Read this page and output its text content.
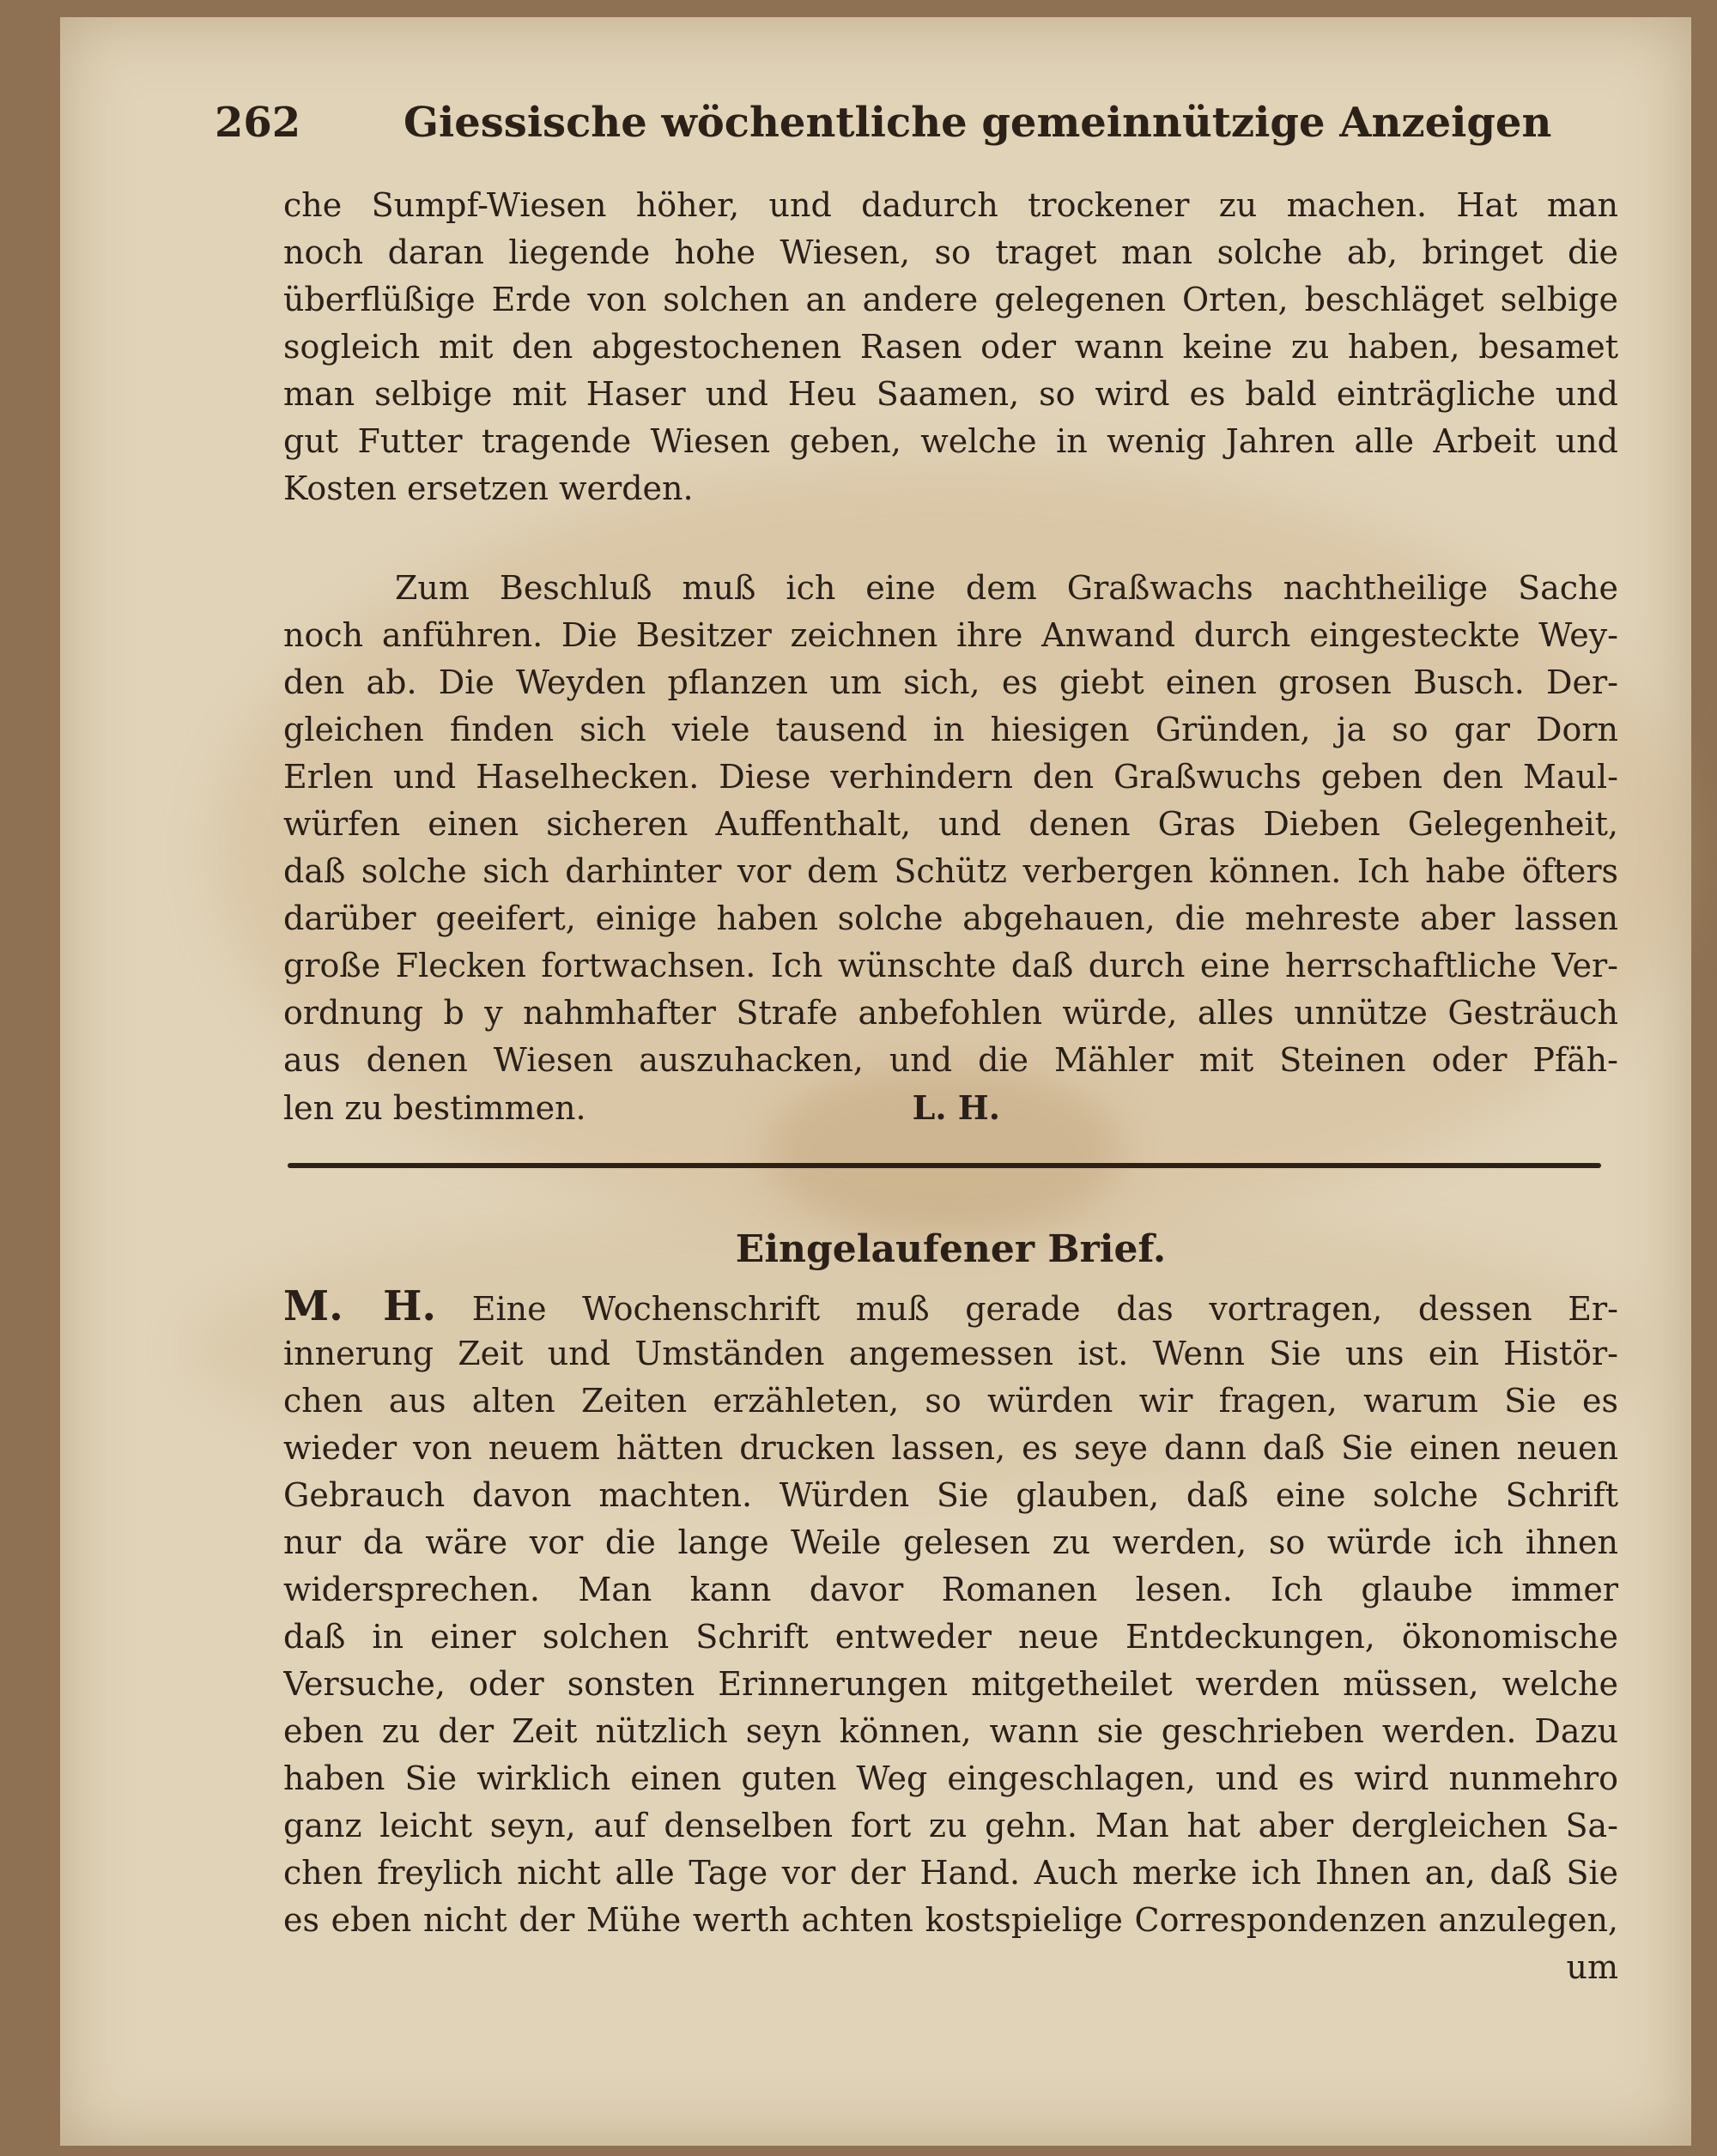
262 Giessische wöchentliche gemeinnützige Anzeigen
che Sumpf-Wiesen höher, und dadurch trockener zu machen. Hat man
noch daran liegende hohe Wiesen, so traget man solche ab, bringet die
überflüßige Erde von solchen an andere gelegenen Orten, beschläget selbige
sogleich mit den abgestochenen Rasen oder wann keine zu haben, besamet
man selbige mit Haser und Heu Saamen, so wird es bald einträgliche und
gut Futter tragende Wiesen geben, welche in wenig Jahren alle Arbeit und
Kosten ersetzen werden.
Zum Beschluß muß ich eine dem Graßwachs nachtheilige Sache
noch anführen. Die Besitzer zeichnen ihre Anwand durch eingesteckte Wey-
den ab. Die Weyden pflanzen um sich, es giebt einen grosen Busch. Der-
gleichen finden sich viele tausend in hiesigen Gründen, ja so gar Dorn
Erlen und Haselhecken. Diese verhindern den Graßwuchs geben den Maul-
würfen einen sicheren Auffenthalt, und denen Gras Dieben Gelegenheit,
daß solche sich darhinter vor dem Schütz verbergen können. Ich habe öfters
darüber geeifert, einige haben solche abgehauen, die mehreste aber lassen
große Flecken fortwachsen. Ich wünschte daß durch eine herrschaftliche Ver-
ordnung b y nahmhafter Strafe anbefohlen würde, alles unnütze Gesträuch
aus denen Wiesen auszuhacken, und die Mähler mit Steinen oder Pfäh-
len zu bestimmen.	L. H.
Eingelaufener Brief.
M. H. Eine Wochenschrift muß gerade das vortragen, dessen Er-
innerung Zeit und Umständen angemessen ist. Wenn Sie uns ein Histör-
chen aus alten Zeiten erzähleten, so würden wir fragen, warum Sie es
wieder von neuem hätten drucken lassen, es seye dann daß Sie einen neuen
Gebrauch davon machten. Würden Sie glauben, daß eine solche Schrift
nur da wäre vor die lange Weile gelesen zu werden, so würde ich ihnen
widersprechen. Man kann davor Romanen lesen. Ich glaube immer
daß in einer solchen Schrift entweder neue Entdeckungen, ökonomische
Versuche, oder sonsten Erinnerungen mitgetheilet werden müssen, welche
eben zu der Zeit nützlich seyn können, wann sie geschrieben werden. Dazu
haben Sie wirklich einen guten Weg eingeschlagen, und es wird nunmehro
ganz leicht seyn, auf denselben fort zu gehn. Man hat aber dergleichen Sa-
chen freylich nicht alle Tage vor der Hand. Auch merke ich Ihnen an, daß Sie
es eben nicht der Mühe werth achten kostspielige Correspondenzen anzulegen,
um
